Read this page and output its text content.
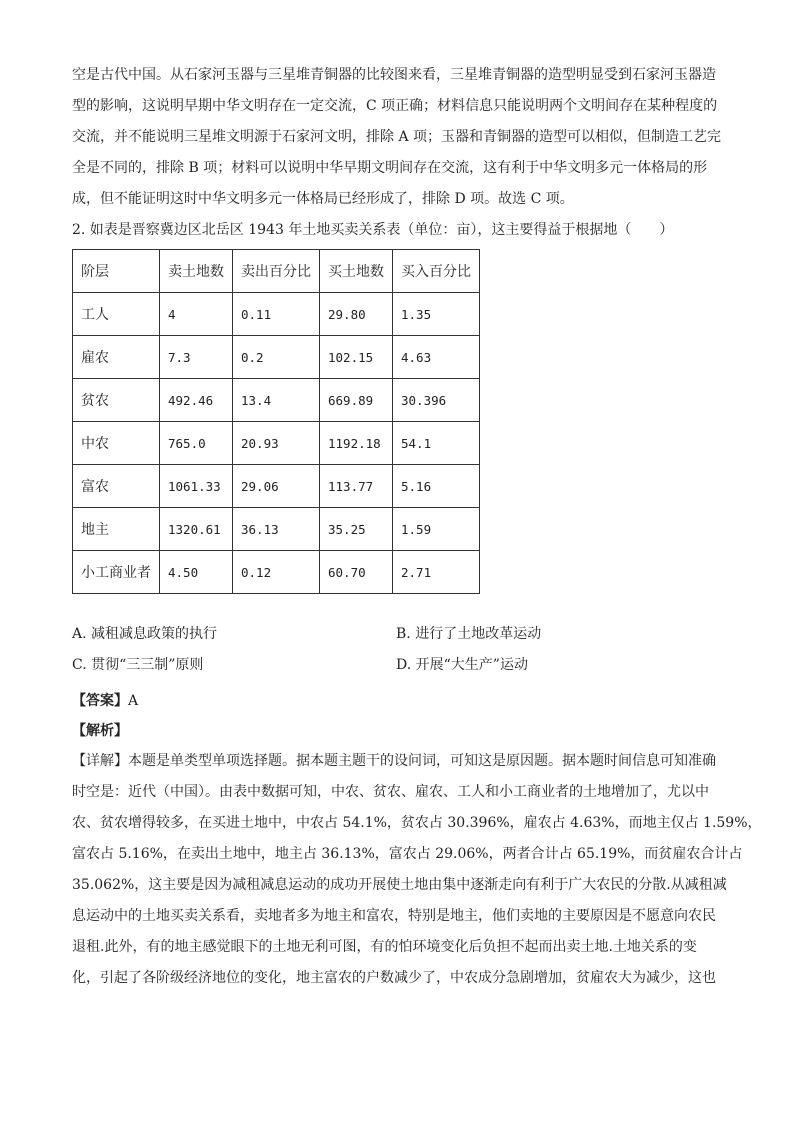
空是古代中国。从石家河玉器与三星堆青铜器的比较图来看，三星堆青铜器的造型明显受到石家河玉器造
型的影响，这说明早期中华文明存在一定交流，C 项正确；材料信息只能说明两个文明间存在某种程度的
交流，并不能说明三星堆文明源于石家河文明，排除 A 项；玉器和青铜器的造型可以相似，但制造工艺完
全是不同的，排除 B 项；材料可以说明中华早期文明间存在交流，这有利于中华文明多元一体格局的形
成，但不能证明这时中华文明多元一体格局已经形成了，排除 D 项。故选 C 项。
2. 如表是晋察冀边区北岳区 1943 年土地买卖关系表（单位：亩），这主要得益于根据地（　　）
阶层	卖土地数	卖出百分比	买土地数	买入百分比
工人	4	0.11	29.80	1.35
雇农	7.3	0.2	102.15	4.63
贫农	492.46	13.4	669.89	30.396
中农	765.0	20.93	1192.18	54.1
富农	1061.33	29.06	113.77	5.16
地主	1320.61	36.13	35.25	1.59
小工商业者	4.50	0.12	60.70	2.71
A. 减租减息政策的执行	B. 进行了土地改革运动
C. 贯彻“三三制”原则	D. 开展“大生产”运动
【答案】A
【解析】
【详解】本题是单类型单项选择题。据本题主题干的设问词，可知这是原因题。据本题时间信息可知准确
时空是：近代（中国）。由表中数据可知，中农、贫农、雇农、工人和小工商业者的土地增加了，尤以中
农、贫农增得较多，在买进土地中，中农占 54.1%，贫农占 30.396%，雇农占 4.63%，而地主仅占 1.59%，
富农占 5.16%，在卖出土地中，地主占 36.13%，富农占 29.06%，两者合计占 65.19%，而贫雇农合计占
35.062%，这主要是因为减租减息运动的成功开展使土地由集中逐渐走向有利于广大农民的分散.从减租减
息运动中的土地买卖关系看，卖地者多为地主和富农，特别是地主，他们卖地的主要原因是不愿意向农民
退租.此外，有的地主感觉眼下的土地无利可图，有的怕环境变化后负担不起而出卖土地.土地关系的变
化，引起了各阶级经济地位的变化，地主富农的户数减少了，中农成分急剧增加，贫雇农大为减少，这也
